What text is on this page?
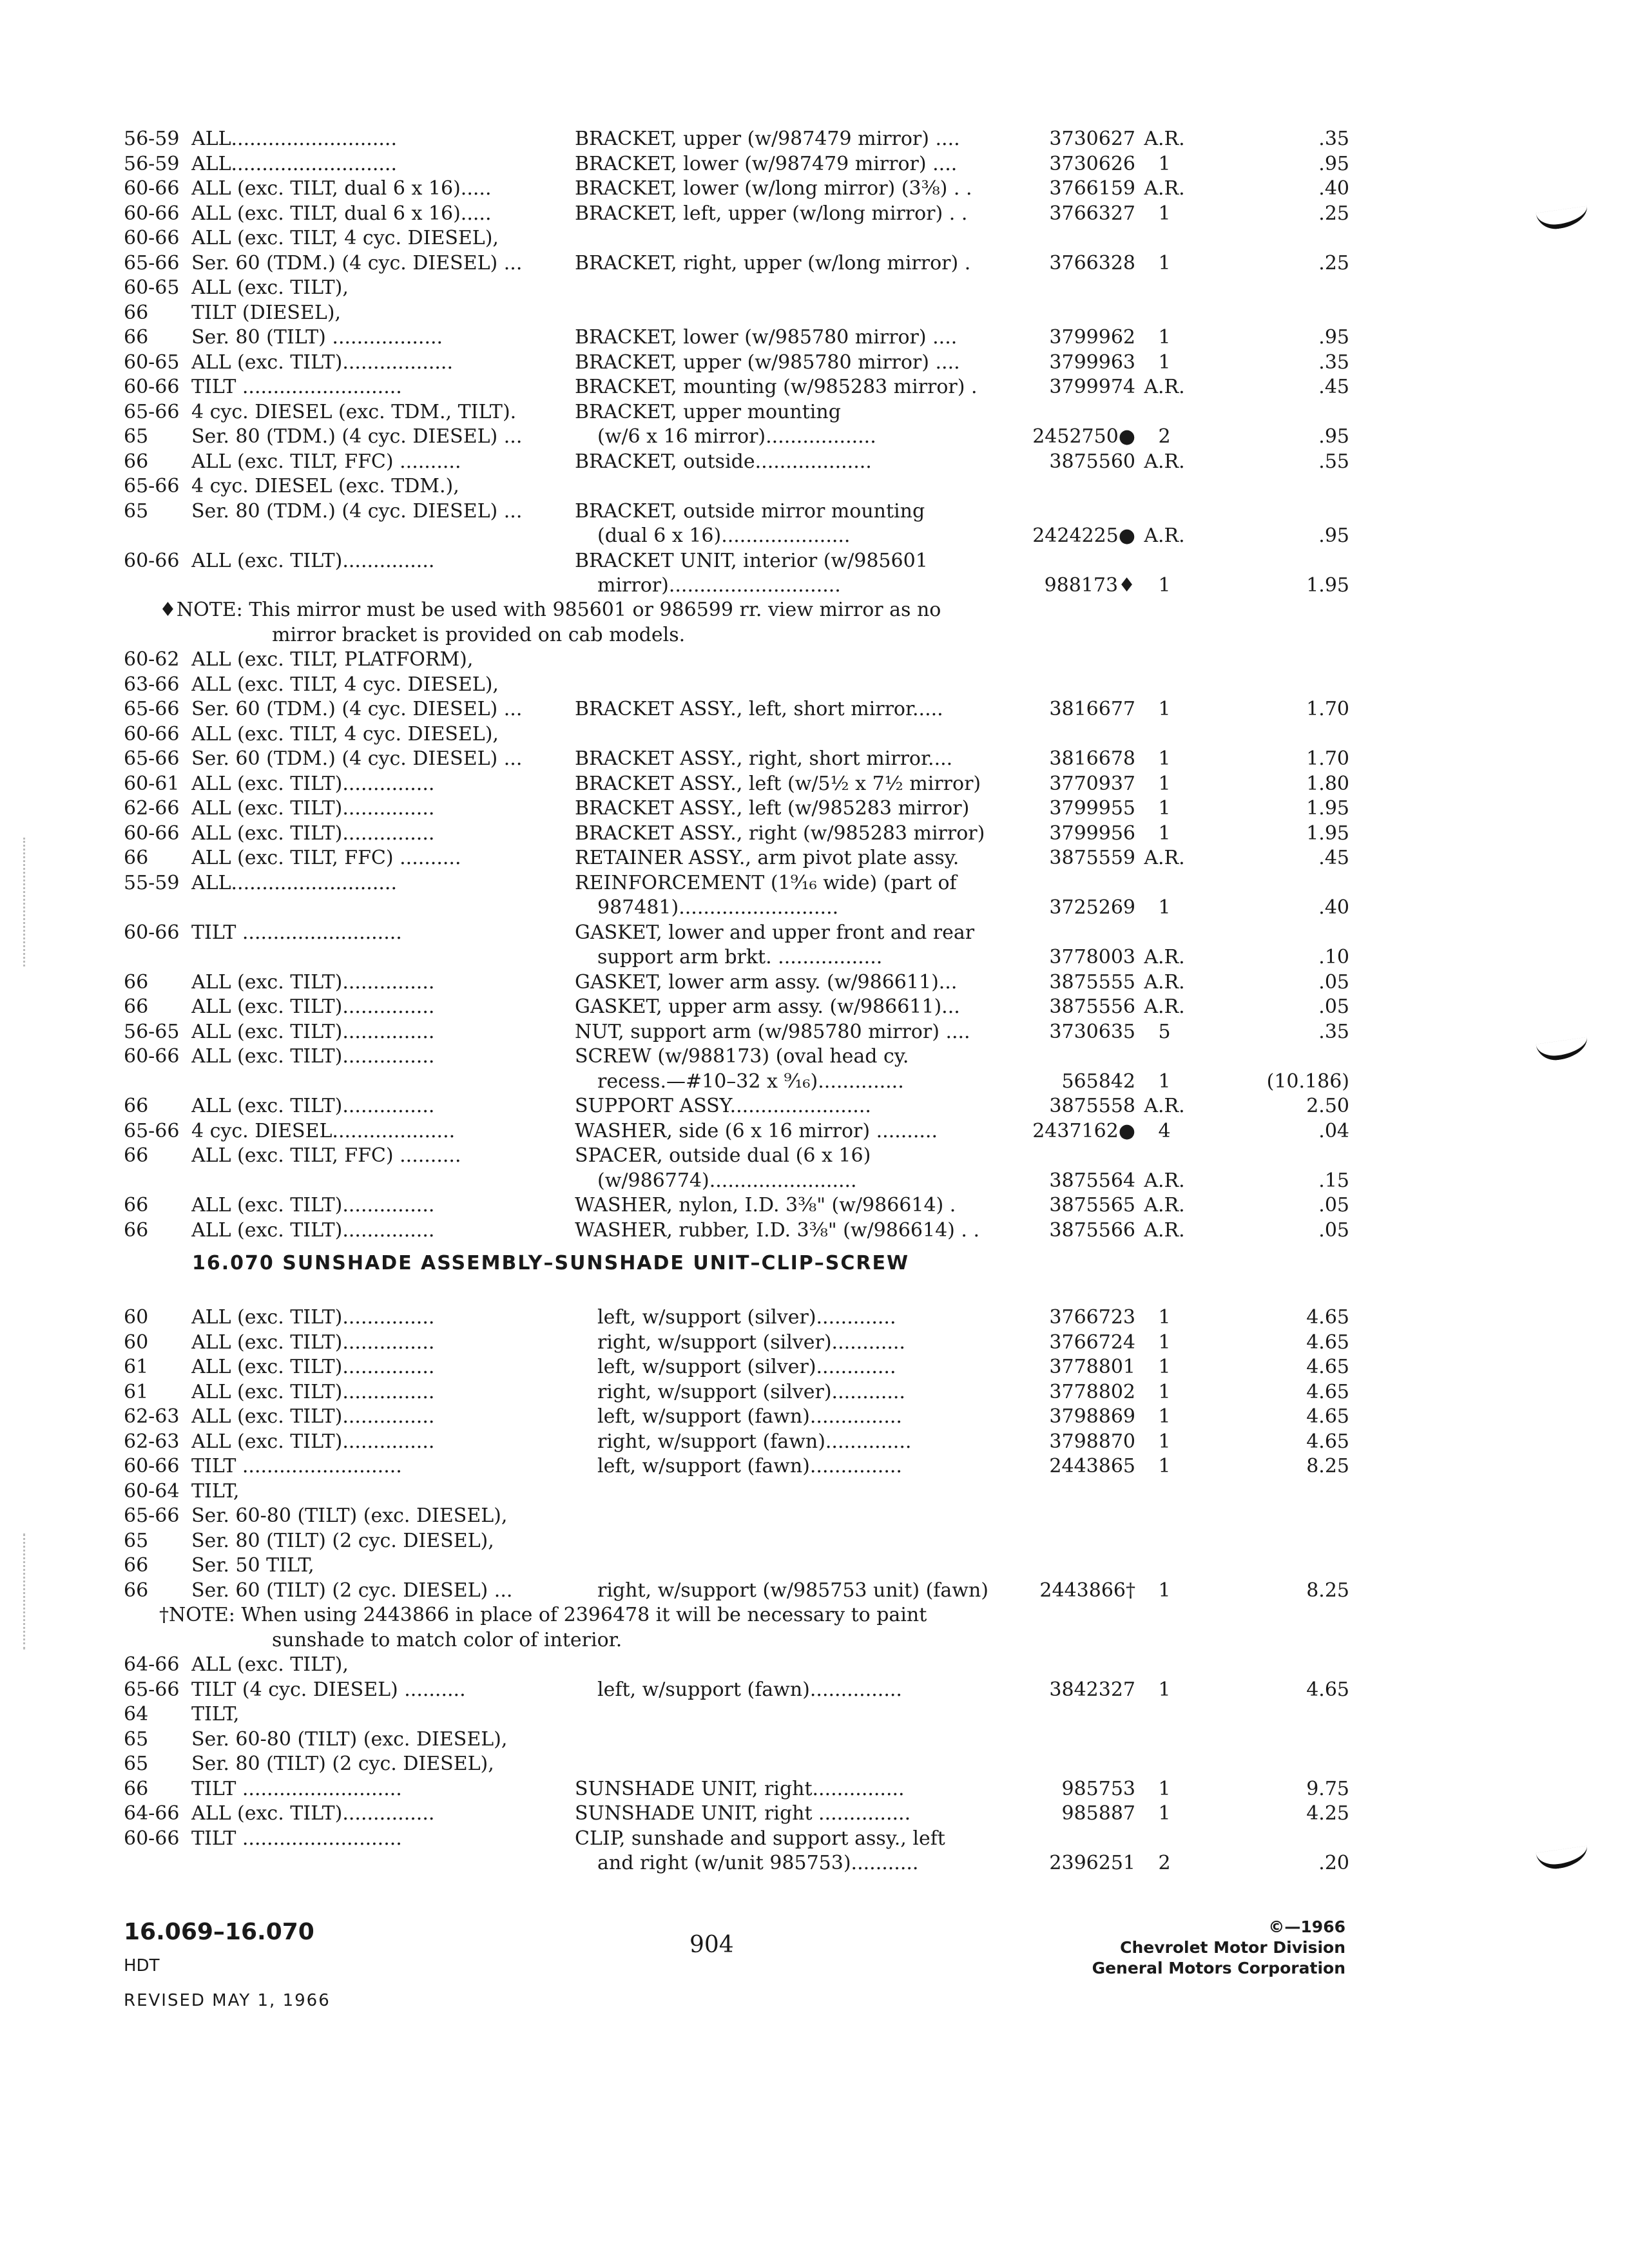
56-59 ALL...........................	BRACKET, upper (w/987479 mirror) ....	3730627 A.R.	.35
56-59 ALL...........................	BRACKET, lower (w/987479 mirror) ....	3730626	1	.95
60-66 ALL (exc. TILT, dual 6 x 16).....	BRACKET, lower (w/long mirror) (3⅜) . .	3766159 A.R.	.40
60-66 ALL (exc. TILT, dual 6 x 16).....	BRACKET, left, upper (w/long mirror) . .	3766327	1	.25
60-66 ALL (exc. TILT, 4 cyc. DIESEL),
65-66 Ser. 60 (TDM.) (4 cyc. DIESEL) ...	BRACKET, right, upper (w/long mirror) .	3766328	1	.25
60-65 ALL (exc. TILT),
66	TILT (DIESEL),
66	Ser. 80 (TILT) ..................	BRACKET, lower (w/985780 mirror) ....	3799962	1	.95
60-65 ALL (exc. TILT)..................	BRACKET, upper (w/985780 mirror) ....	3799963	1	.35
60-66 TILT ..........................	BRACKET, mounting (w/985283 mirror) .	3799974 A.R.	.45
65-66 4 cyc. DIESEL (exc. TDM., TILT).	BRACKET, upper mounting
65	Ser. 80 (TDM.) (4 cyc. DIESEL) ...	(w/6 x 16 mirror)..................	2452750●	2	.95
66	ALL (exc. TILT, FFC) ..........	BRACKET, outside...................	3875560 A.R.	.55
65-66 4 cyc. DIESEL (exc. TDM.),
65	Ser. 80 (TDM.) (4 cyc. DIESEL) ...	BRACKET, outside mirror mounting
(dual 6 x 16).....................	2424225● A.R.	.95
60-66 ALL (exc. TILT)...............	BRACKET UNIT, interior (w/985601
mirror)............................	988173♦	1	1.95
♦NOTE: This mirror must be used with 985601 or 986599 rr. view mirror as no
mirror bracket is provided on cab models.
60-62 ALL (exc. TILT, PLATFORM),
63-66 ALL (exc. TILT, 4 cyc. DIESEL),
65-66 Ser. 60 (TDM.) (4 cyc. DIESEL) ...	BRACKET ASSY., left, short mirror.....	3816677	1	1.70
60-66 ALL (exc. TILT, 4 cyc. DIESEL),
65-66 Ser. 60 (TDM.) (4 cyc. DIESEL) ...	BRACKET ASSY., right, short mirror....	3816678	1	1.70
60-61 ALL (exc. TILT)...............	BRACKET ASSY., left (w/5½ x 7½ mirror)	3770937	1	1.80
62-66 ALL (exc. TILT)...............	BRACKET ASSY., left (w/985283 mirror)	3799955	1	1.95
60-66 ALL (exc. TILT)...............	BRACKET ASSY., right (w/985283 mirror)	3799956	1	1.95
66	ALL (exc. TILT, FFC) ..........	RETAINER ASSY., arm pivot plate assy.	3875559 A.R.	.45
55-59 ALL...........................	REINFORCEMENT (1⁹⁄₁₆ wide) (part of
987481)..........................	3725269	1	.40
60-66 TILT ..........................	GASKET, lower and upper front and rear
support arm brkt. .................	3778003 A.R.	.10
66	ALL (exc. TILT)...............	GASKET, lower arm assy. (w/986611)...	3875555 A.R.	.05
66	ALL (exc. TILT)...............	GASKET, upper arm assy. (w/986611)...	3875556 A.R.	.05
56-65 ALL (exc. TILT)...............	NUT, support arm (w/985780 mirror) ....	3730635	5	.35
60-66 ALL (exc. TILT)...............	SCREW (w/988173) (oval head cy.
recess.—#10–32 x ⁹⁄₁₆)..............	565842	1	(10.186)
66	ALL (exc. TILT)...............	SUPPORT ASSY.......................	3875558 A.R.	2.50
65-66 4 cyc. DIESEL....................	WASHER, side (6 x 16 mirror) ..........	2437162●	4	.04
66	ALL (exc. TILT, FFC) ..........	SPACER, outside dual (6 x 16)
(w/986774)........................	3875564 A.R.	.15
66	ALL (exc. TILT)...............	WASHER, nylon, I.D. 3⅜" (w/986614) .	3875565 A.R.	.05
66	ALL (exc. TILT)...............	WASHER, rubber, I.D. 3⅜" (w/986614) . .	3875566 A.R.	.05
16.070 SUNSHADE ASSEMBLY–SUNSHADE UNIT–CLIP–SCREW
60	ALL (exc. TILT)...............	left, w/support (silver).............	3766723	1	4.65
60	ALL (exc. TILT)...............	right, w/support (silver)............	3766724	1	4.65
61	ALL (exc. TILT)...............	left, w/support (silver).............	3778801	1	4.65
61	ALL (exc. TILT)...............	right, w/support (silver)............	3778802	1	4.65
62-63 ALL (exc. TILT)...............	left, w/support (fawn)...............	3798869	1	4.65
62-63 ALL (exc. TILT)...............	right, w/support (fawn)..............	3798870	1	4.65
60-66 TILT ..........................	left, w/support (fawn)...............	2443865	1	8.25
60-64 TILT,
65-66 Ser. 60-80 (TILT) (exc. DIESEL),
65	Ser. 80 (TILT) (2 cyc. DIESEL),
66	Ser. 50 TILT,
66	Ser. 60 (TILT) (2 cyc. DIESEL) ...	right, w/support (w/985753 unit) (fawn)	2443866†	1	8.25
†NOTE: When using 2443866 in place of 2396478 it will be necessary to paint
sunshade to match color of interior.
64-66 ALL (exc. TILT),
65-66 TILT (4 cyc. DIESEL) ..........	left, w/support (fawn)...............	3842327	1	4.65
64	TILT,
65	Ser. 60-80 (TILT) (exc. DIESEL),
65	Ser. 80 (TILT) (2 cyc. DIESEL),
66	TILT ..........................	SUNSHADE UNIT, right...............	985753	1	9.75
64-66 ALL (exc. TILT)...............	SUNSHADE UNIT, right ...............	985887	1	4.25
60-66 TILT ..........................	CLIP, sunshade and support assy., left
and right (w/unit 985753)...........	2396251	2	.20
16.069–16.070
HDT
REVISED MAY 1, 1966
904
©—1966
Chevrolet Motor Division
General Motors Corporation
